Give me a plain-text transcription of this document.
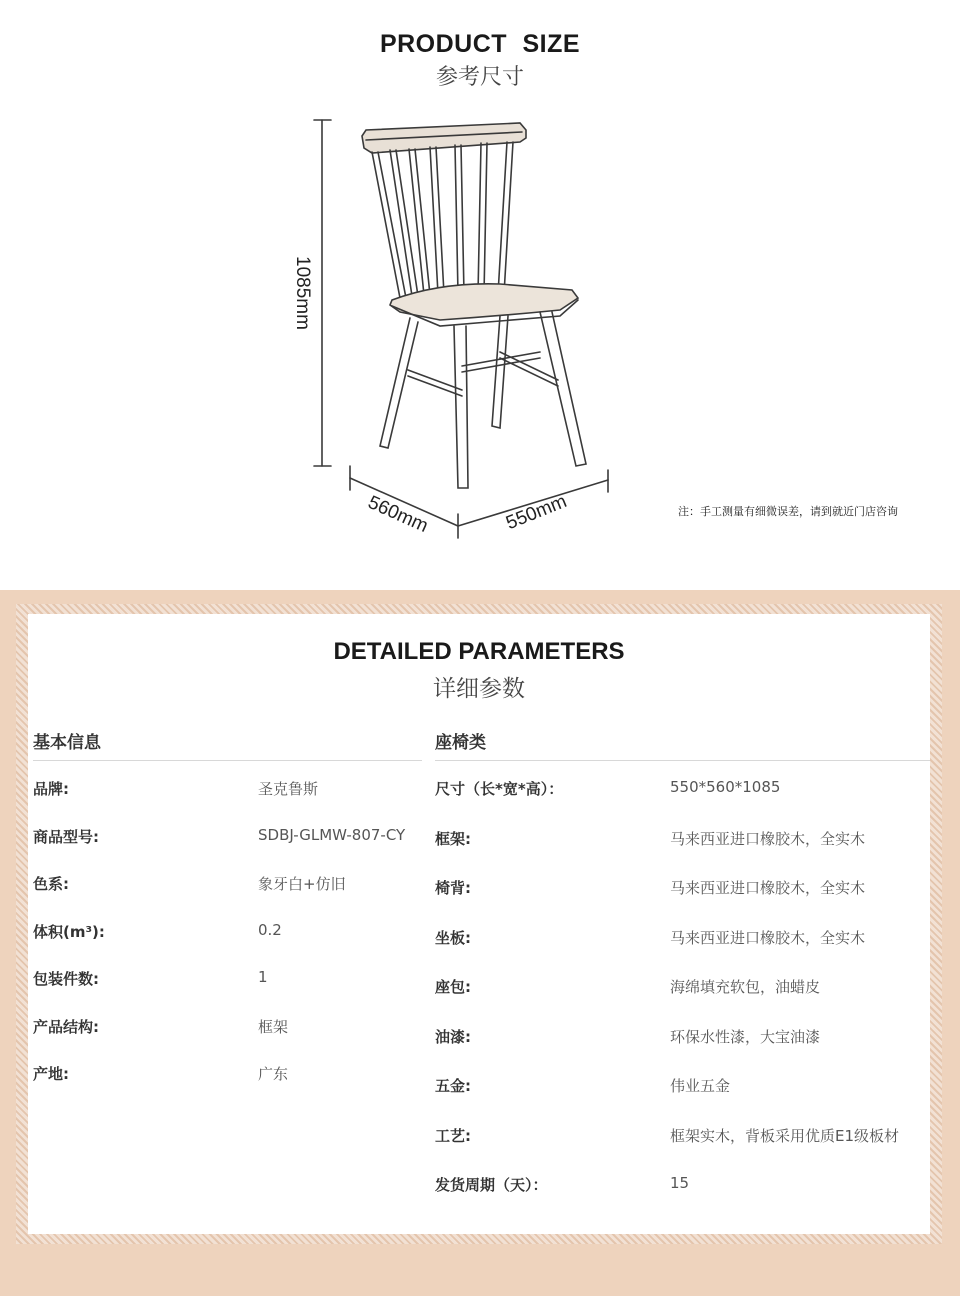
PRODUCT SIZE
参考尺寸
1085mm
560mm	550mm	注：手工测量有细微误差，请到就近门店咨询
DETAILED PARAMETERS
详细参数
基本信息	座椅类
品牌:	圣克鲁斯
商品型号:	SDBJ-GLMW-807-CY
色系:	象牙白+仿旧
体积(m³):	0.2
包装件数:	1
产品结构:	框架
产地:	广东
尺寸（长*宽*高）：	550*560*1085
框架:	马来西亚进口橡胶木，全实木
椅背:	马来西亚进口橡胶木，全实木
坐板:	马来西亚进口橡胶木，全实木
座包:	海绵填充软包，油蜡皮
油漆:	环保水性漆，大宝油漆
五金:	伟业五金
工艺:	框架实木，背板采用优质E1级板材
发货周期（天）：	15
